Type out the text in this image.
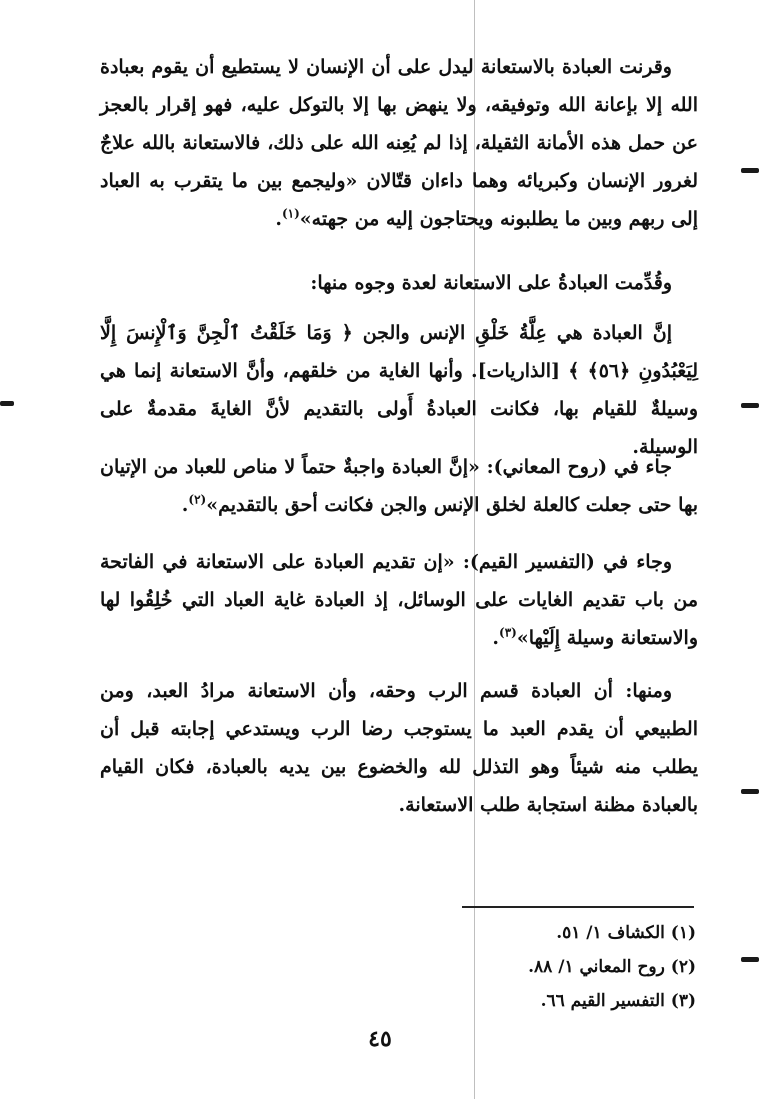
وقرنت العبادة بالاستعانة ليدل على أن الإنسان لا يستطيع أن يقوم بعبادة الله إلا بإعانة الله وتوفيقه، ولا ينهض بها إلا بالتوكل عليه، فهو إقرار بالعجز عن حمل هذه الأمانة الثقيلة، إذا لم يُعِنه الله على ذلك، فالاستعانة بالله علاجٌ لغرور الإنسان وكبريائه وهما داءان قتّالان «وليجمع بين ما يتقرب به العباد إلى ربهم وبين ما يطلبونه ويحتاجون إليه من جهته»$^{(١)}$.

وقُدِّمت العبادةُ على الاستعانة لعدة وجوه منها:

إنَّ العبادة هي عِلَّةُ خَلْقِ الإنس والجن ﴿ وَمَا خَلَقْتُ ٱلْجِنَّ وَٱلْإِنسَ إِلَّا لِيَعْبُدُونِ ﴿٥٦﴾ ﴾ [الذاريات]. وأنها الغاية من خلقهم، وأنَّ الاستعانة إنما هي وسيلةٌ للقيام بها، فكانت العبادةُ أَولى بالتقديم لأنَّ الغايةَ مقدمةٌ على الوسيلة.

جاء في (روح المعاني): «إنَّ العبادة واجبةٌ حتماً لا مناص للعباد من الإتيان بها حتى جعلت كالعلة لخلق الإنس والجن فكانت أحق بالتقديم»$^{(٢)}$.

وجاء في (التفسير القيم): «إن تقديم العبادة على الاستعانة في الفاتحة من باب تقديم الغايات على الوسائل، إذ العبادة غاية العباد التي خُلِقُوا لها والاستعانة وسيلة إِلَيْها»$^{(٣)}$.

ومنها: أن العبادة قسم الرب وحقه، وأن الاستعانة مرادُ العبد، ومن الطبيعي أن يقدم العبد ما يستوجب رضا الرب ويستدعي إجابته قبل أن يطلب منه شيئاً وهو التذلل لله والخضوع بين يديه بالعبادة، فكان القيام بالعبادة مظنة استجابة طلب الاستعانة.

(١) الكشاف ١/ ٥١.
(٢) روح المعاني ١/ ٨٨.
(٣) التفسير القيم ٦٦.
٤٥
